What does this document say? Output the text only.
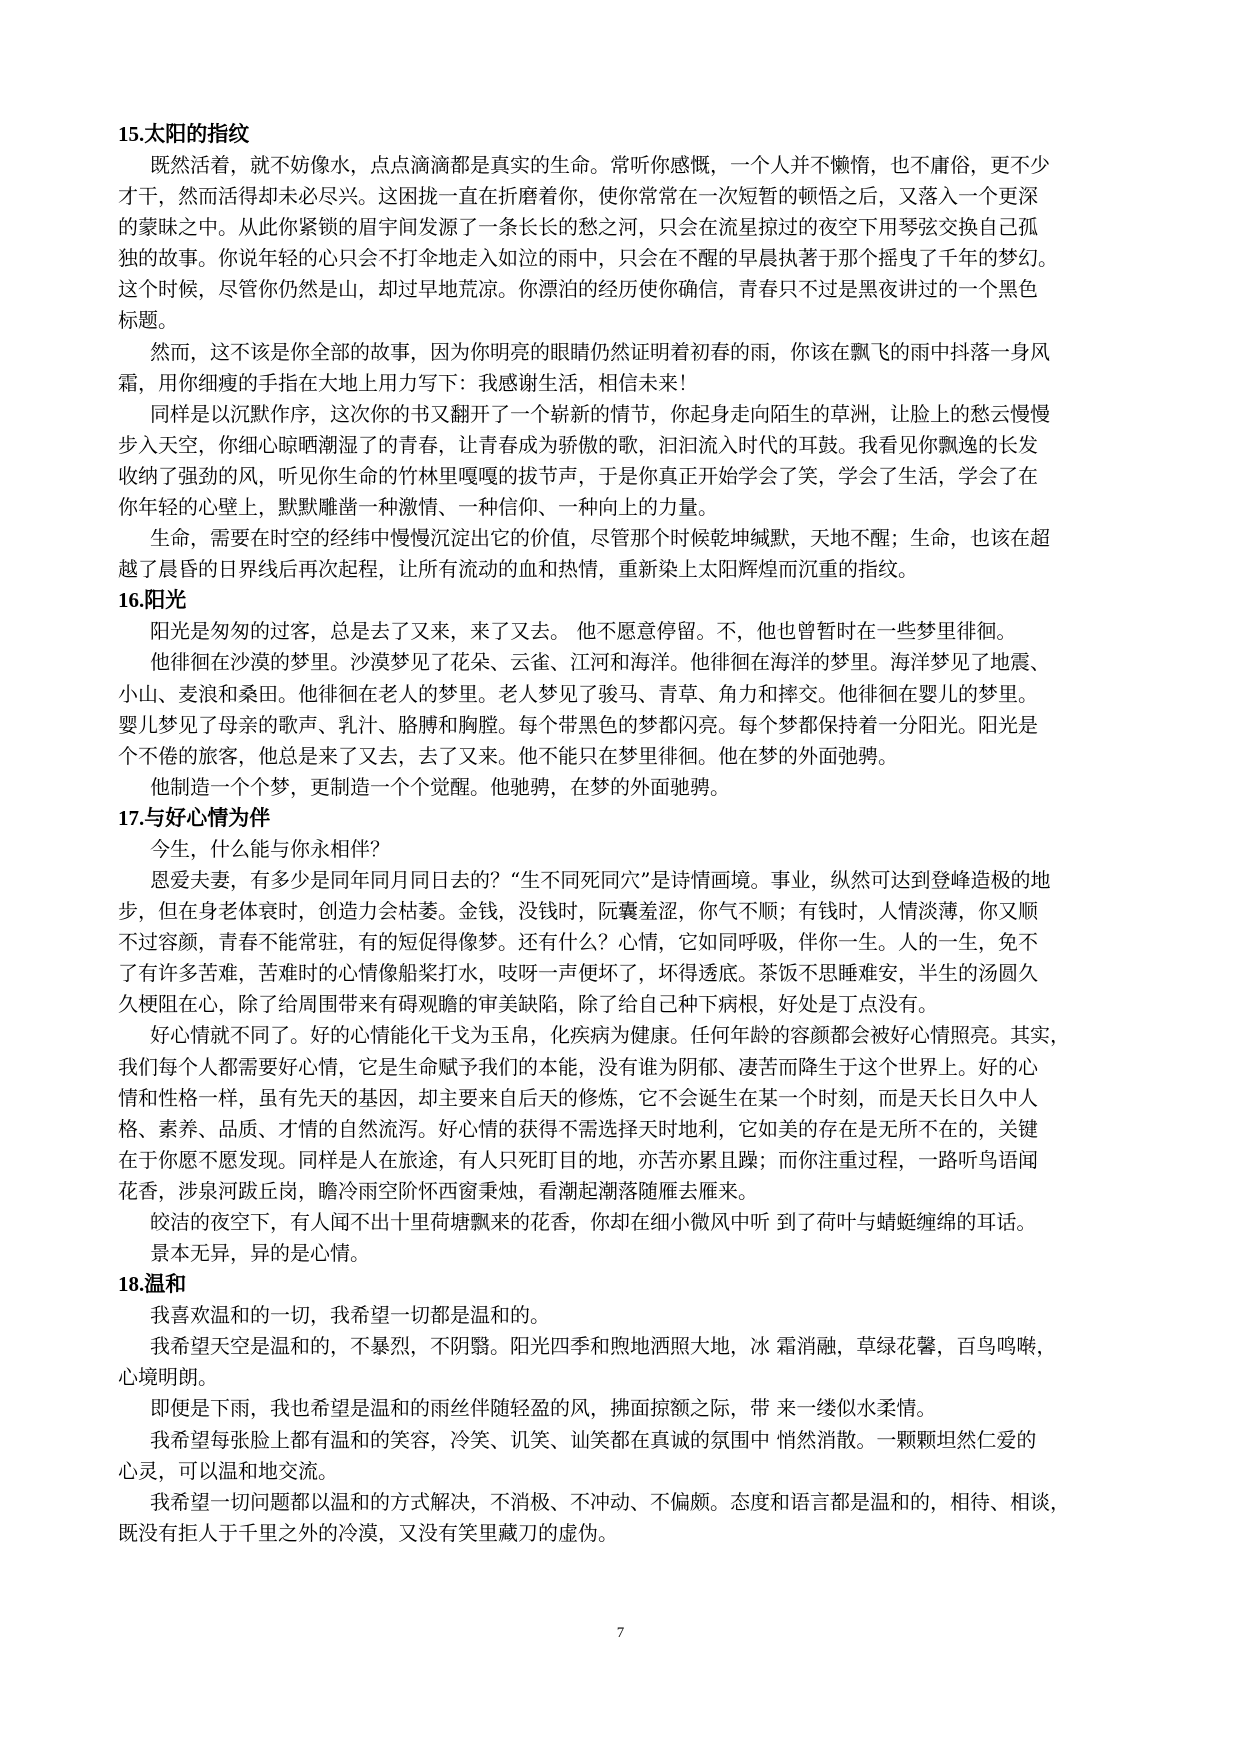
15.太阳的指纹
既然活着，就不妨像水，点点滴滴都是真实的生命。常听你感慨，一个人并不懒惰，也不庸俗，更不少
才干，然而活得却未必尽兴。这困拢一直在折磨着你，使你常常在一次短暂的顿悟之后，又落入一个更深
的蒙昧之中。从此你紧锁的眉宇间发源了一条长长的愁之河，只会在流星掠过的夜空下用琴弦交换自己孤
独的故事。你说年轻的心只会不打伞地走入如泣的雨中，只会在不醒的早晨执著于那个摇曳了千年的梦幻。
这个时候，尽管你仍然是山，却过早地荒凉。你漂泊的经历使你确信，青春只不过是黑夜讲过的一个黑色
标题。
然而，这不该是你全部的故事，因为你明亮的眼睛仍然证明着初春的雨，你该在飘飞的雨中抖落一身风
霜，用你细瘦的手指在大地上用力写下：我感谢生活，相信未来！
同样是以沉默作序，这次你的书又翻开了一个崭新的情节，你起身走向陌生的草洲，让脸上的愁云慢慢
步入天空，你细心晾晒潮湿了的青春，让青春成为骄傲的歌，汩汩流入时代的耳鼓。我看见你飘逸的长发
收纳了强劲的风，听见你生命的竹林里嘎嘎的拔节声，于是你真正开始学会了笑，学会了生活，学会了在
你年轻的心壁上，默默雕凿一种激情、一种信仰、一种向上的力量。
生命，需要在时空的经纬中慢慢沉淀出它的价值，尽管那个时候乾坤缄默，天地不醒；生命，也该在超
越了晨昏的日界线后再次起程，让所有流动的血和热情，重新染上太阳辉煌而沉重的指纹。
16.阳光
阳光是匆匆的过客，总是去了又来，来了又去。 他不愿意停留。不，他也曾暂时在一些梦里徘徊。
他徘徊在沙漠的梦里。沙漠梦见了花朵、云雀、江河和海洋。他徘徊在海洋的梦里。海洋梦见了地震、
小山、麦浪和桑田。他徘徊在老人的梦里。老人梦见了骏马、青草、角力和摔交。他徘徊在婴儿的梦里。
婴儿梦见了母亲的歌声、乳汁、胳膊和胸膛。每个带黑色的梦都闪亮。每个梦都保持着一分阳光。阳光是
个不倦的旅客，他总是来了又去，去了又来。他不能只在梦里徘徊。他在梦的外面弛骋。
他制造一个个梦，更制造一个个觉醒。他驰骋，在梦的外面驰骋。
17.与好心情为伴
今生，什么能与你永相伴？
恩爱夫妻，有多少是同年同月同日去的？“生不同死同穴”是诗情画境。事业，纵然可达到登峰造极的地
步，但在身老体衰时，创造力会枯萎。金钱，没钱时，阮囊羞涩，你气不顺；有钱时，人情淡薄，你又顺
不过容颜，青春不能常驻，有的短促得像梦。还有什么？心情，它如同呼吸，伴你一生。人的一生，免不
了有许多苦难，苦难时的心情像船桨打水，吱呀一声便坏了，坏得透底。茶饭不思睡难安，半生的汤圆久
久梗阻在心，除了给周围带来有碍观瞻的审美缺陷，除了给自己种下病根，好处是丁点没有。
好心情就不同了。好的心情能化干戈为玉帛，化疾病为健康。任何年龄的容颜都会被好心情照亮。其实，
我们每个人都需要好心情，它是生命赋予我们的本能，没有谁为阴郁、凄苦而降生于这个世界上。好的心
情和性格一样，虽有先天的基因，却主要来自后天的修炼，它不会诞生在某一个时刻，而是天长日久中人
格、素养、品质、才情的自然流泻。好心情的获得不需选择天时地利，它如美的存在是无所不在的，关键
在于你愿不愿发现。同样是人在旅途，有人只死盯目的地，亦苦亦累且躁；而你注重过程，一路听鸟语闻
花香，涉泉河跋丘岗，瞻冷雨空阶怀西窗秉烛，看潮起潮落随雁去雁来。
皎洁的夜空下，有人闻不出十里荷塘飘来的花香，你却在细小微风中听 到了荷叶与蜻蜓缠绵的耳话。
景本无异，异的是心情。
18.温和
我喜欢温和的一切，我希望一切都是温和的。
我希望天空是温和的，不暴烈，不阴翳。阳光四季和煦地洒照大地，冰 霜消融，草绿花馨，百鸟鸣啭，
心境明朗。
即便是下雨，我也希望是温和的雨丝伴随轻盈的风，拂面掠额之际，带 来一缕似水柔情。
我希望每张脸上都有温和的笑容，冷笑、讥笑、讪笑都在真诚的氛围中 悄然消散。一颗颗坦然仁爱的
心灵，可以温和地交流。
我希望一切问题都以温和的方式解决，不消极、不冲动、不偏颇。态度和语言都是温和的，相待、相谈，
既没有拒人于千里之外的冷漠，又没有笑里藏刀的虚伪。
7
